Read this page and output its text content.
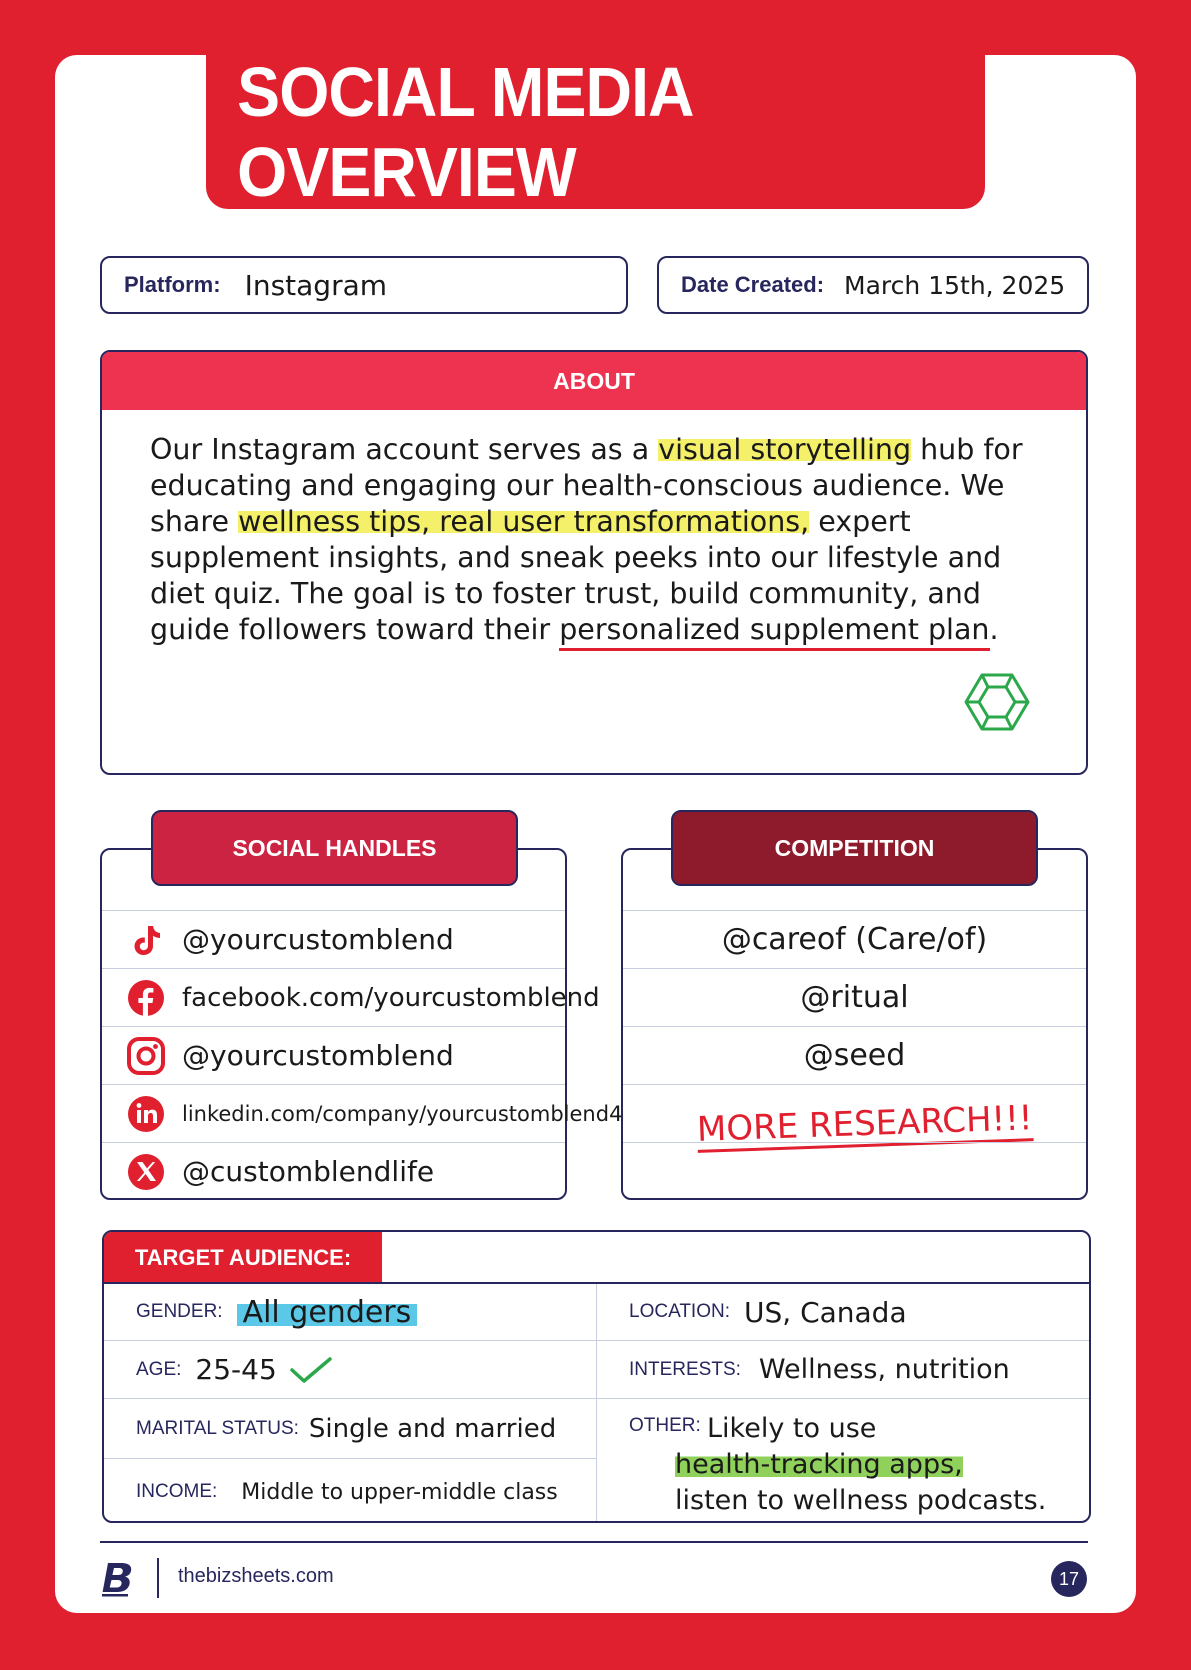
SOCIAL MEDIA OVERVIEW
Platform: Instagram	Date Created: March 15th, 2025
ABOUT
Our Instagram account serves as a visual storytelling hub for educating and engaging our health-conscious audience. We share wellness tips, real user transformations, expert supplement insights, and sneak peeks into our lifestyle and diet quiz. The goal is to foster trust, build community, and guide followers toward their personalized supplement plan.
@yourcustomblend
facebook.com/yourcustomblend
@yourcustomblend
linkedin.com/company/yourcustomblend4
@customblendlife
SOCIAL HANDLES
@careof (Care/of)
@ritual
@seed
MORE RESEARCH!!!
COMPETITION
TARGET AUDIENCE:
GENDER: All genders
AGE: 25-45
MARITAL STATUS: Single and married
INCOME: Middle to upper-middle class
LOCATION: US, Canada
INTERESTS: Wellness, nutrition
OTHER: Likely to use
health-tracking apps,
listen to wellness podcasts.
thebizsheets.com	17
